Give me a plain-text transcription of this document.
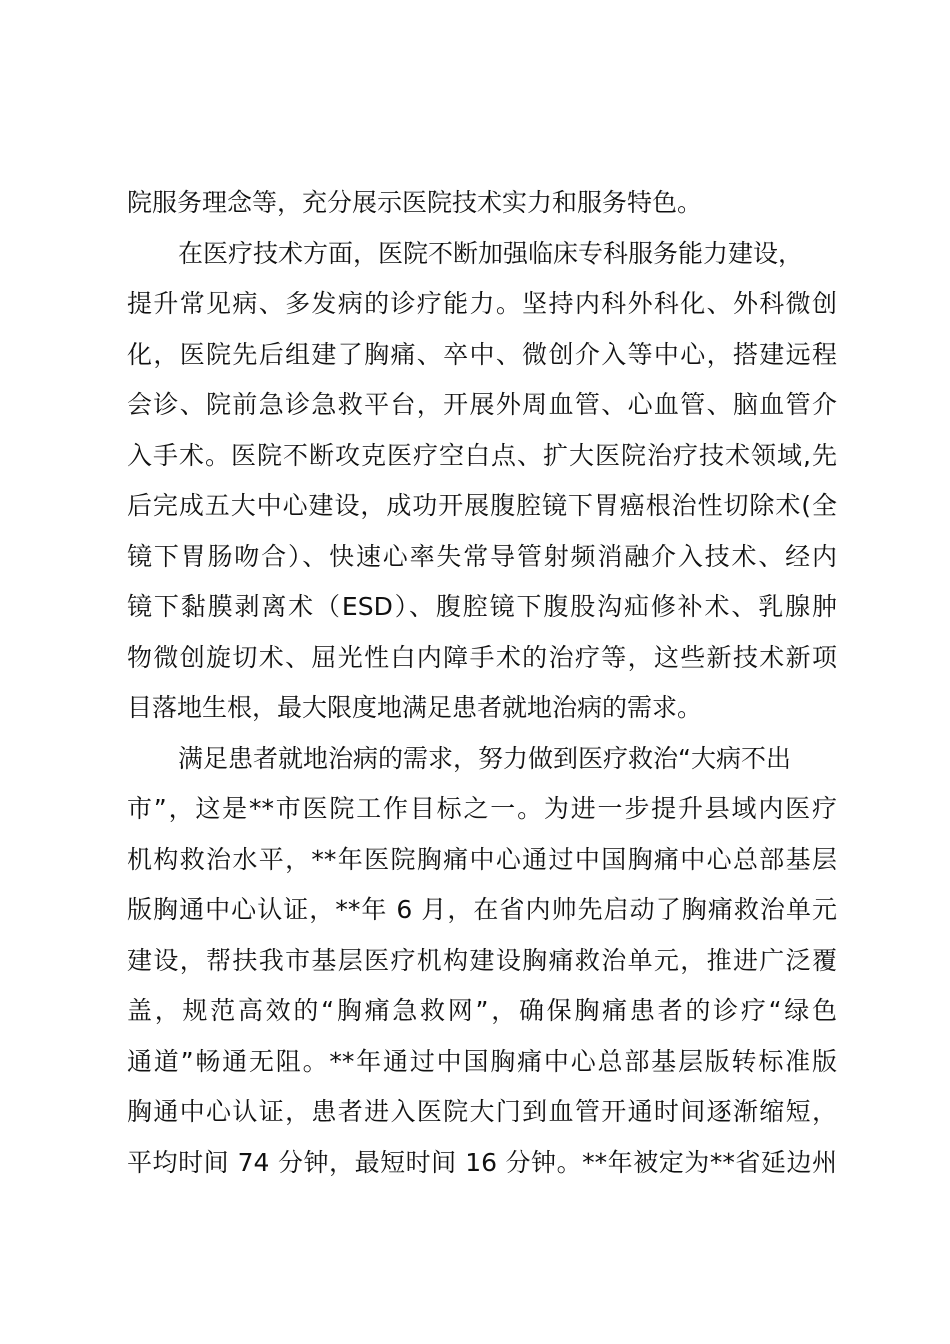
院服务理念等，充分展示医院技术实力和服务特色。
在医疗技术方面，医院不断加强临床专科服务能力建设，
提升常见病、多发病的诊疗能力。坚持内科外科化、外科微创
化，医院先后组建了胸痛、卒中、微创介入等中心，搭建远程
会诊、院前急诊急救平台，开展外周血管、心血管、脑血管介
入手术。医院不断攻克医疗空白点、扩大医院治疗技术领域,先
后完成五大中心建设，成功开展腹腔镜下胃癌根治性切除术(全
镜下胃肠吻合）、快速心率失常导管射频消融介入技术、经内
镜下黏膜剥离术（ESD）、腹腔镜下腹股沟疝修补术、乳腺肿
物微创旋切术、屈光性白内障手术的治疗等，这些新技术新项
目落地生根，最大限度地满足患者就地治病的需求。
满足患者就地治病的需求，努力做到医疗救治“大病不出
市”，这是**市医院工作目标之一。为进一步提升县域内医疗
机构救治水平，**年医院胸痛中心通过中国胸痛中心总部基层
版胸通中心认证，**年 6 月，在省内帅先启动了胸痛救治单元
建设，帮扶我市基层医疗机构建设胸痛救治单元，推进广泛覆
盖，规范高效的“胸痛急救网”，确保胸痛患者的诊疗“绿色
通道”畅通无阻。**年通过中国胸痛中心总部基层版转标准版
胸通中心认证，患者进入医院大门到血管开通时间逐渐缩短，
平均时间 74 分钟，最短时间 16 分钟。**年被定为**省延边州
